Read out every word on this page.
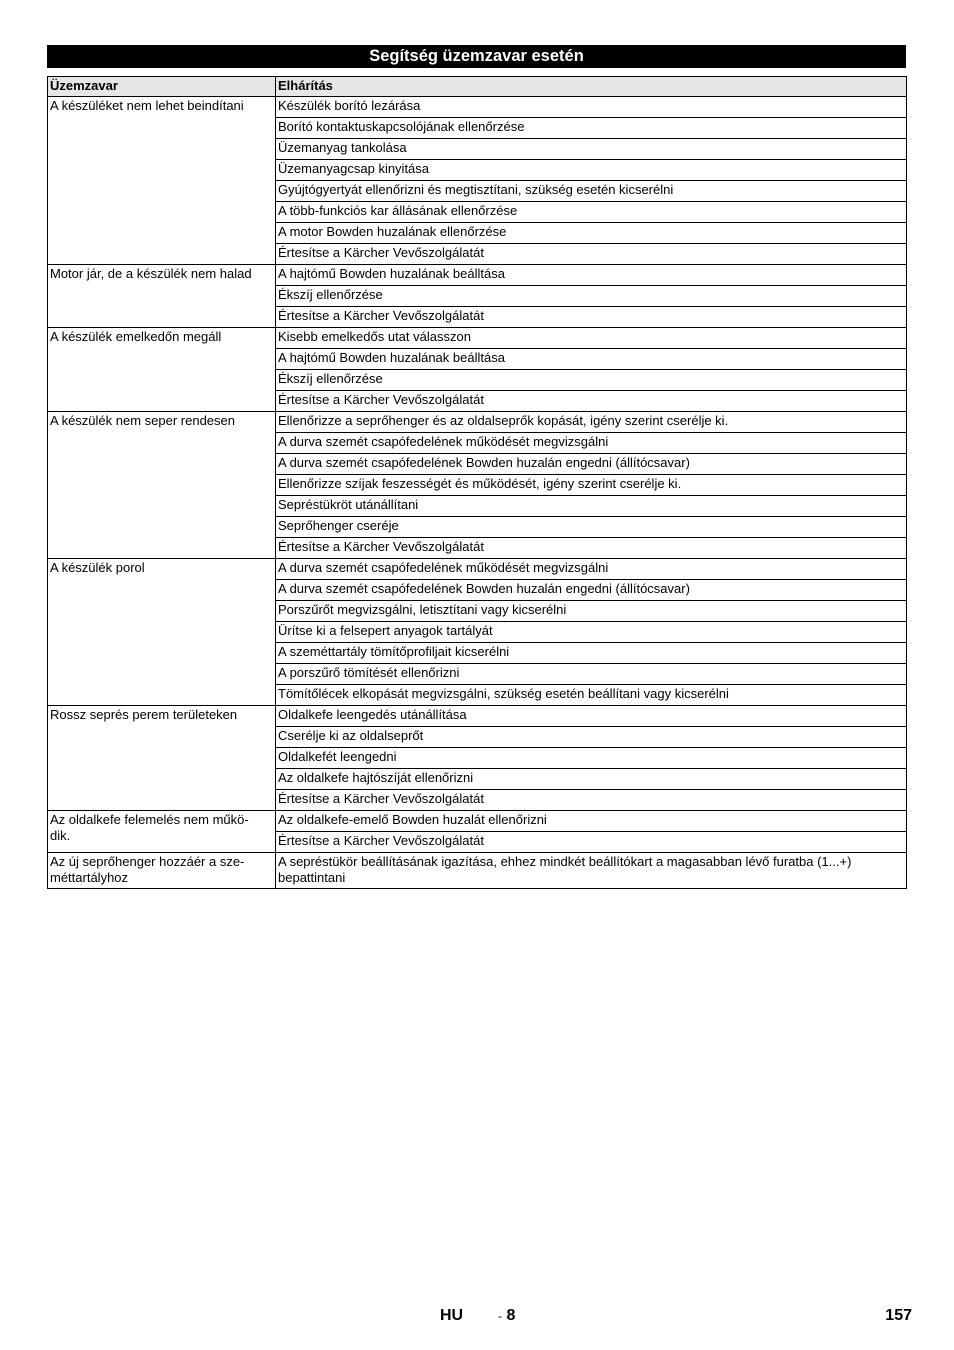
Segítség üzemzavar esetén
Üzemzavar	Elhárítás
A készüléket nem lehet beindítani	Készülék borító lezárása
	Borító kontaktuskapcsolójának ellenőrzése
	Üzemanyag tankolása
	Üzemanyagcsap kinyitása
	Gyújtógyertyát ellenőrizni és megtisztítani, szükség esetén kicserélni
	A több-funkciós kar állásának ellenőrzése
	A motor Bowden huzalának ellenőrzése
	Értesítse a Kärcher Vevőszolgálatát
Motor jár, de a készülék nem halad	A hajtómű Bowden huzalának beálltása
	Ékszíj ellenőrzése
	Értesítse a Kärcher Vevőszolgálatát
A készülék emelkedőn megáll	Kisebb emelkedős utat válasszon
	A hajtómű Bowden huzalának beálltása
	Ékszíj ellenőrzése
	Értesítse a Kärcher Vevőszolgálatát
A készülék nem seper rendesen	Ellenőrizze a seprőhenger és az oldalseprők kopását, igény szerint cserélje ki.
	A durva szemét csapófedelének működését megvizsgálni
	A durva szemét csapófedelének Bowden huzalán engedni (állítócsavar)
	Ellenőrizze szíjak feszességét és működését, igény szerint cserélje ki.
	Sepréstükröt utánállítani
	Seprőhenger cseréje
	Értesítse a Kärcher Vevőszolgálatát
A készülék porol	A durva szemét csapófedelének működését megvizsgálni
	A durva szemét csapófedelének Bowden huzalán engedni (állítócsavar)
	Porszűrőt megvizsgálni, letisztítani vagy kicserélni
	Ürítse ki a felsepert anyagok tartályát
	A szeméttartály tömítőprofiljait kicserélni
	A porszűrő tömítését ellenőrizni
	Tömítőlécek elkopását megvizsgálni, szükség esetén beállítani vagy kicserélni
Rossz seprés perem területeken	Oldalkefe leengedés utánállítása
	Cserélje ki az oldalseprőt
	Oldalkefét leengedni
	Az oldalkefe hajtószíját ellenőrizni
	Értesítse a Kärcher Vevőszolgálatát
Az oldalkefe felemelés nem műkö-
dik.	Az oldalkefe-emelő Bowden huzalát ellenőrizni
	Értesítse a Kärcher Vevőszolgálatát
Az új seprőhenger hozzáér a sze-
méttartályhoz	A sepréstükör beállításának igazítása, ehhez mindkét beállítókart a magasabban lévő furatba (1...+)
bepattintani
HU	- 8	157
